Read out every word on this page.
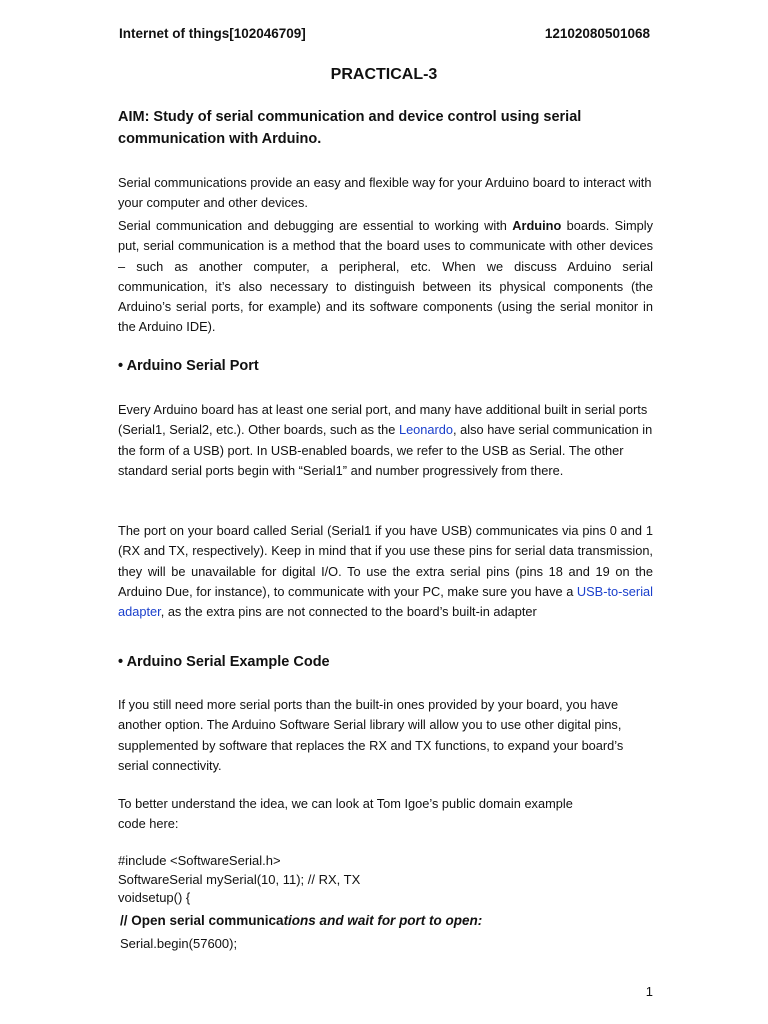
Internet of things[102046709]	12102080501068
PRACTICAL-3
AIM: Study of serial communication and device control using serial communication with Arduino.
Serial communications provide an easy and flexible way for your Arduino board to interact with your computer and other devices.
Serial communication and debugging are essential to working with Arduino boards. Simply put, serial communication is a method that the board uses to communicate with other devices – such as another computer, a peripheral, etc. When we discuss Arduino serial communication, it’s also necessary to distinguish between its physical components (the Arduino’s serial ports, for example) and its software components (using the serial monitor in the Arduino IDE).
• Arduino Serial Port
Every Arduino board has at least one serial port, and many have additional built in serial ports (Serial1, Serial2, etc.). Other boards, such as the Leonardo, also have serial communication in the form of a USB) port. In USB-enabled boards, we refer to the USB as Serial. The other standard serial ports begin with “Serial1” and number progressively from there.
The port on your board called Serial (Serial1 if you have USB) communicates via pins 0 and 1 (RX and TX, respectively). Keep in mind that if you use these pins for serial data transmission, they will be unavailable for digital I/O. To use the extra serial pins (pins 18 and 19 on the Arduino Due, for instance), to communicate with your PC, make sure you have a USB-to-serial adapter, as the extra pins are not connected to the board’s built-in adapter
• Arduino Serial Example Code
If you still need more serial ports than the built-in ones provided by your board, you have another option. The Arduino Software Serial library will allow you to use other digital pins, supplemented by software that replaces the RX and TX functions, to expand your board’s serial connectivity.
To better understand the idea, we can look at Tom Igoe’s public domain example
code here:
#include <SoftwareSerial.h>
SoftwareSerial mySerial(10, 11); // RX, TX
voidsetup() {
// Open serial communications and wait for port to open:
Serial.begin(57600);
1
